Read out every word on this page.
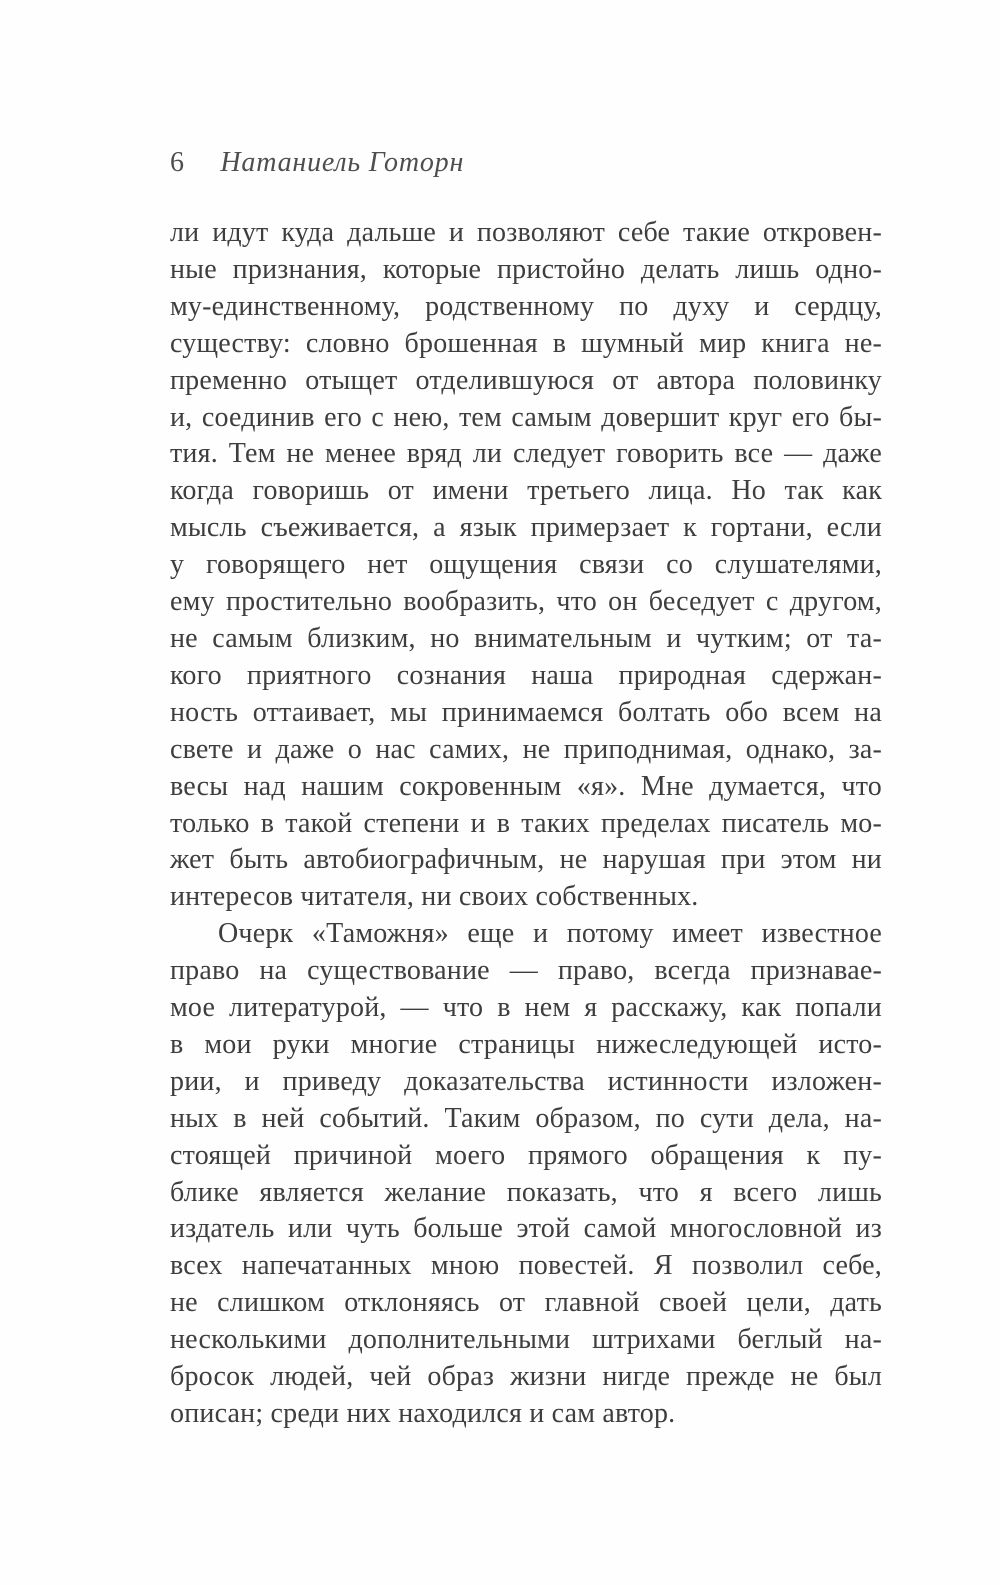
6 Натаниель Готорн
ли идут куда дальше и позволяют себе такие откровен-
ные признания, которые пристойно делать лишь одно-
му-единственному, родственному по духу и сердцу,
существу: словно брошенная в шумный мир книга не-
пременно отыщет отделившуюся от автора половинку
и, соединив его с нею, тем самым довершит круг его бы-
тия. Тем не менее вряд ли следует говорить все — даже
когда говоришь от имени третьего лица. Но так как
мысль съеживается, а язык примерзает к гортани, если
у говорящего нет ощущения связи со слушателями,
ему простительно вообразить, что он беседует с другом,
не самым близким, но внимательным и чутким; от та-
кого приятного сознания наша природная сдержан-
ность оттаивает, мы принимаемся болтать обо всем на
свете и даже о нас самих, не приподнимая, однако, за-
весы над нашим сокровенным «я». Мне думается, что
только в такой степени и в таких пределах писатель мо-
жет быть автобиографичным, не нарушая при этом ни
интересов читателя, ни своих собственных.
Очерк «Таможня» еще и потому имеет известное
право на существование — право, всегда признавае-
мое литературой, — что в нем я расскажу, как попали
в мои руки многие страницы нижеследующей исто-
рии, и приведу доказательства истинности изложен-
ных в ней событий. Таким образом, по сути дела, на-
стоящей причиной моего прямого обращения к пу-
блике является желание показать, что я всего лишь
издатель или чуть больше этой самой многословной из
всех напечатанных мною повестей. Я позволил себе,
не слишком отклоняясь от главной своей цели, дать
несколькими дополнительными штрихами беглый на-
бросок людей, чей образ жизни нигде прежде не был
описан; среди них находился и сам автор.
